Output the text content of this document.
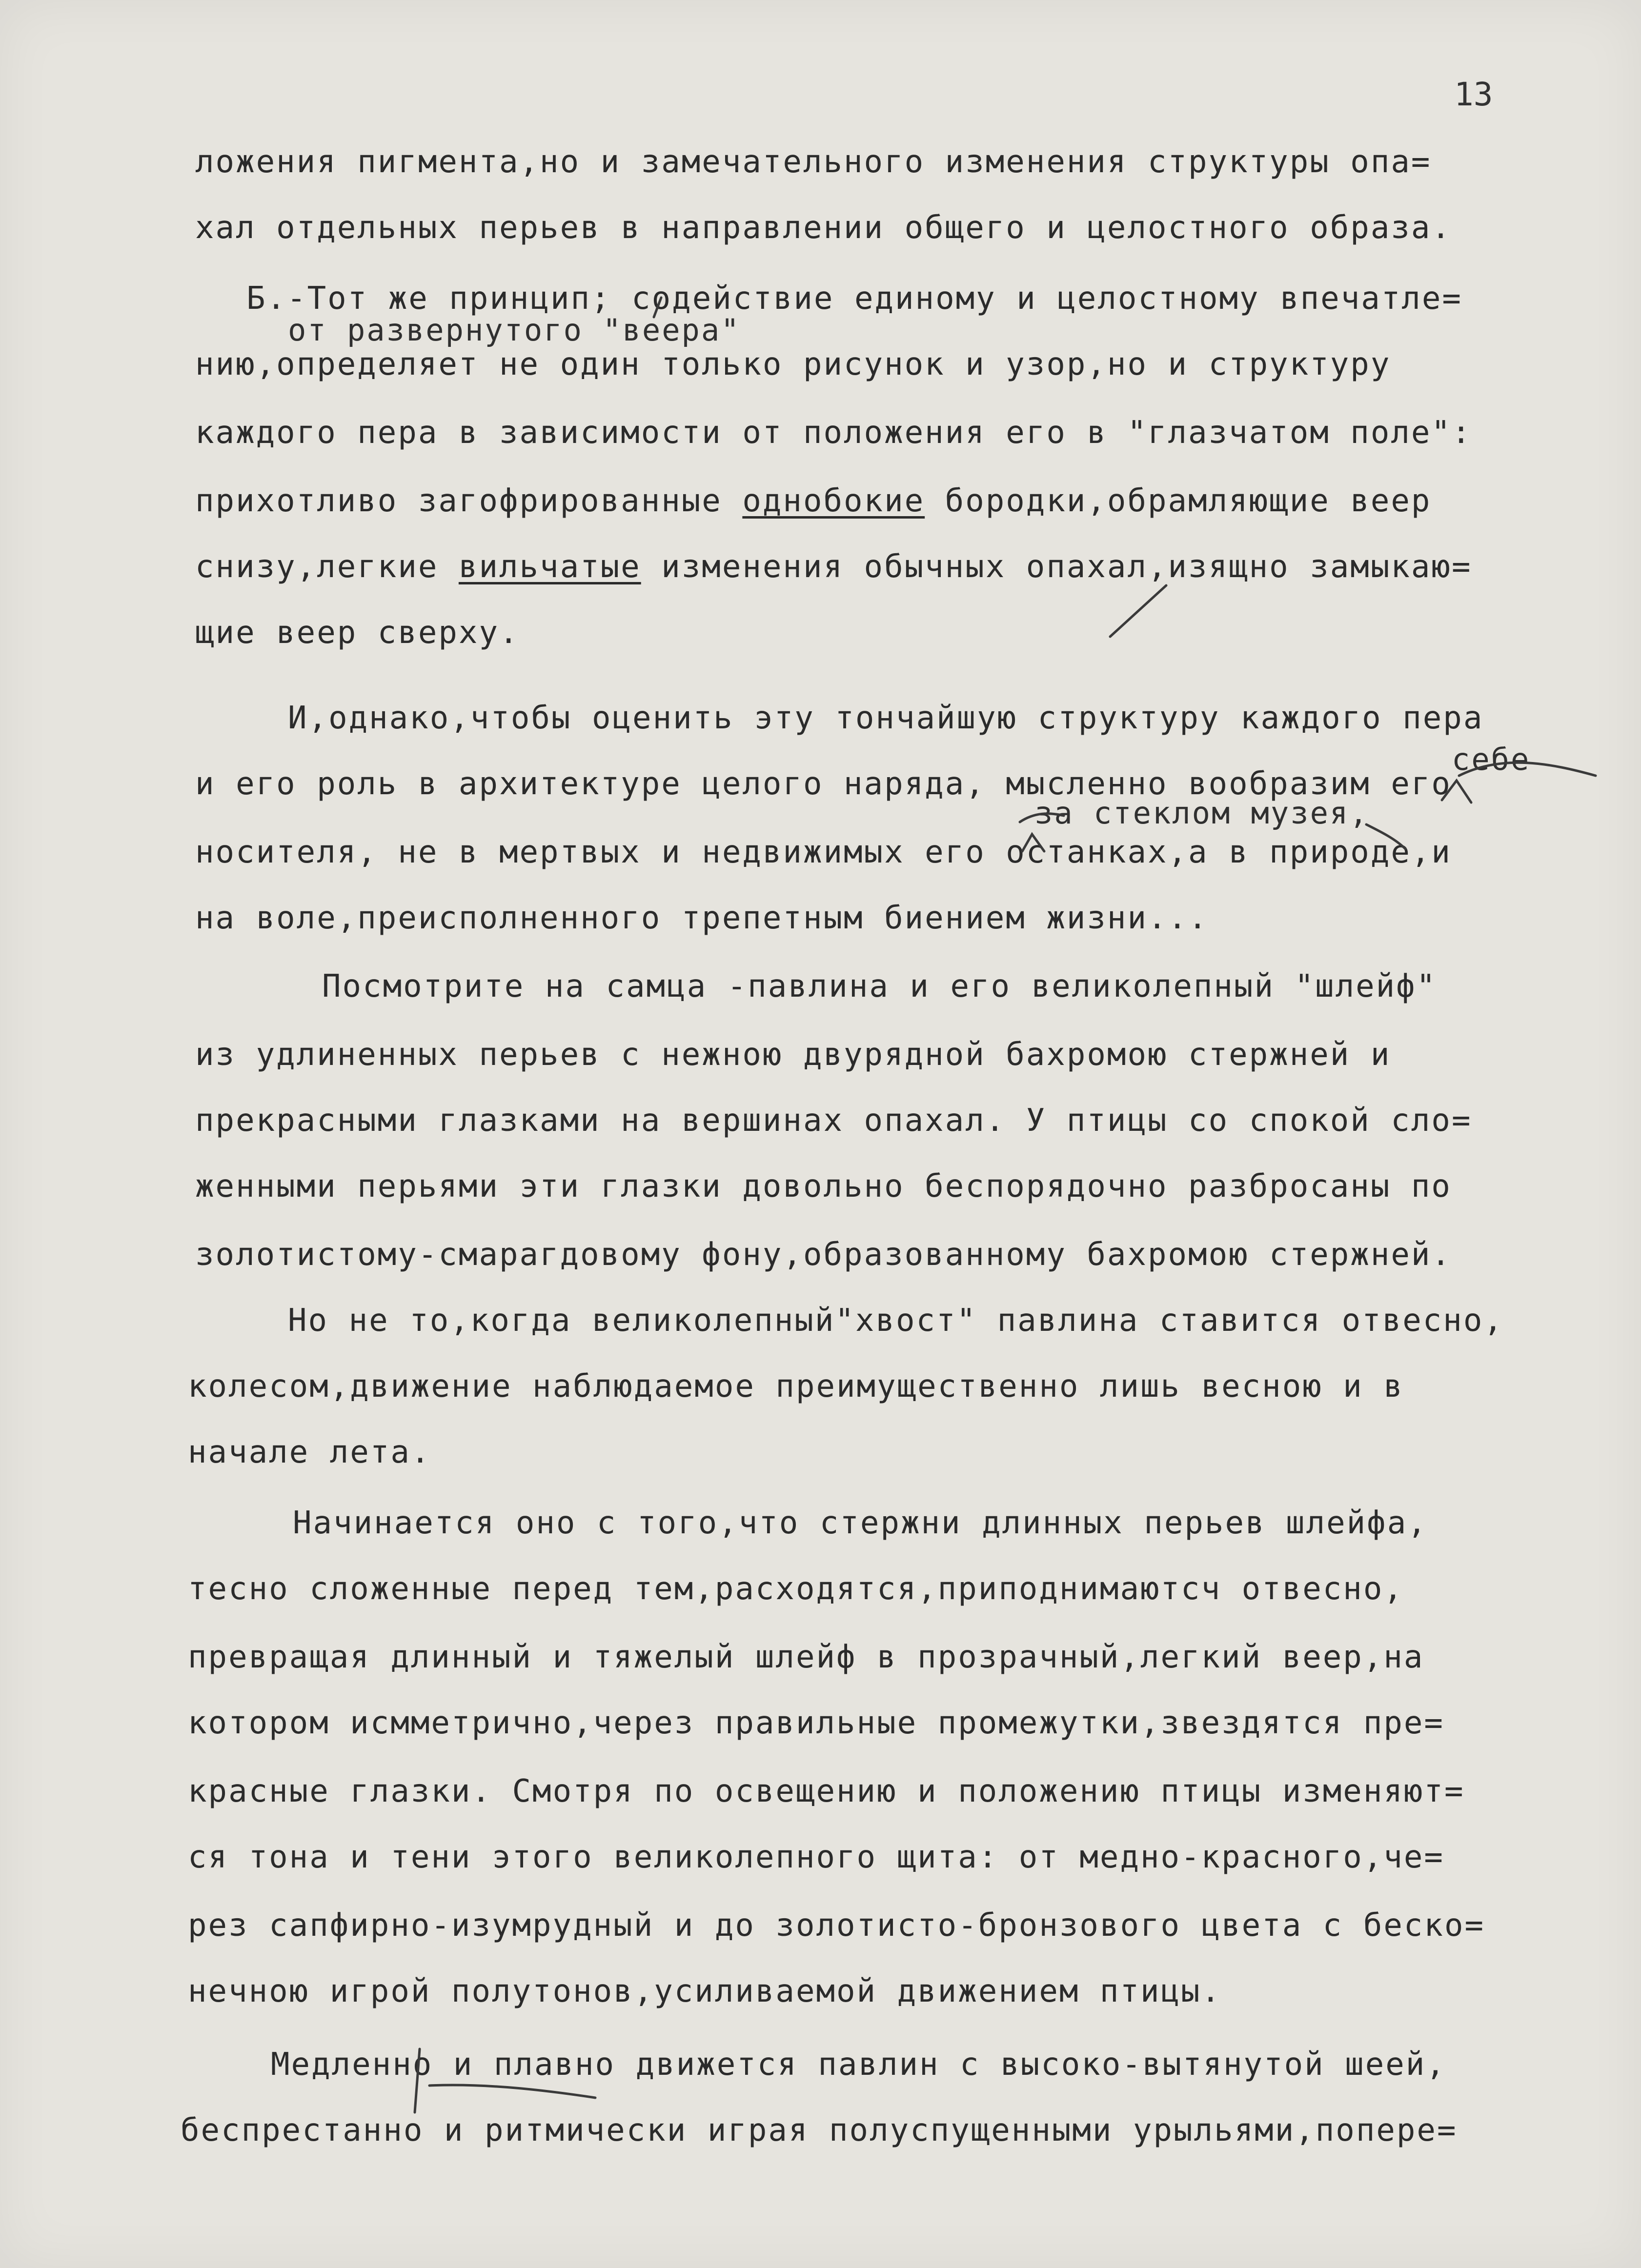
13
от развернутого "веера"
себе
за стеклом музея,
ложения пигмента,но и замечательного изменения структуры опа=
хал отдельных перьев в направлении общего и целостного образа.
Б.-Тот же принцип; содействие единому и целостному впечатле=
нию,определяет не один только рисунок и узор,но и структуру
каждого пера в зависимости от положения его в "глазчатом поле":
прихотливо загофрированные однобокие бородки,обрамляющие веер
снизу,легкие вильчатые изменения обычных опахал,изящно замыкаю=
щие веер сверху.
И,однако,чтобы оценить эту тончайшую структуру каждого пера
и его роль в архитектуре целого наряда, мысленно вообразим его
носителя, не в мертвых и недвижимых его останках,а в природе,и
на воле,преисполненного трепетным биением жизни...
Посмотрите на самца -павлина и его великолепный "шлейф"
из удлиненных перьев с нежною двурядной бахромою стержней и
прекрасными глазками на вершинах опахал. У птицы со спокой сло=
женными перьями эти глазки довольно беспорядочно разбросаны по
золотистому-смарагдовому фону,образованному бахромою стержней.
Но не то,когда великолепный"хвост" павлина ставится отвесно,
колесом,движение наблюдаемое преимущественно лишь весною и в
начале лета.
Начинается оно с того,что стержни длинных перьев шлейфа,
тесно сложенные перед тем,расходятся,приподнимаютсч отвесно,
превращая длинный и тяжелый шлейф в прозрачный,легкий веер,на
котором исмметрично,через правильные промежутки,звездятся пре=
красные глазки. Смотря по освещению и положению птицы изменяют=
ся тона и тени этого великолепного щита: от медно-красного,че=
рез сапфирно-изумрудный и до золотисто-бронзового цвета с беско=
нечною игрой полутонов,усиливаемой движением птицы.
Медленно и плавно движется павлин с высоко-вытянутой шеей,
беспрестанно и ритмически играя полуспущенными урыльями,попере=
